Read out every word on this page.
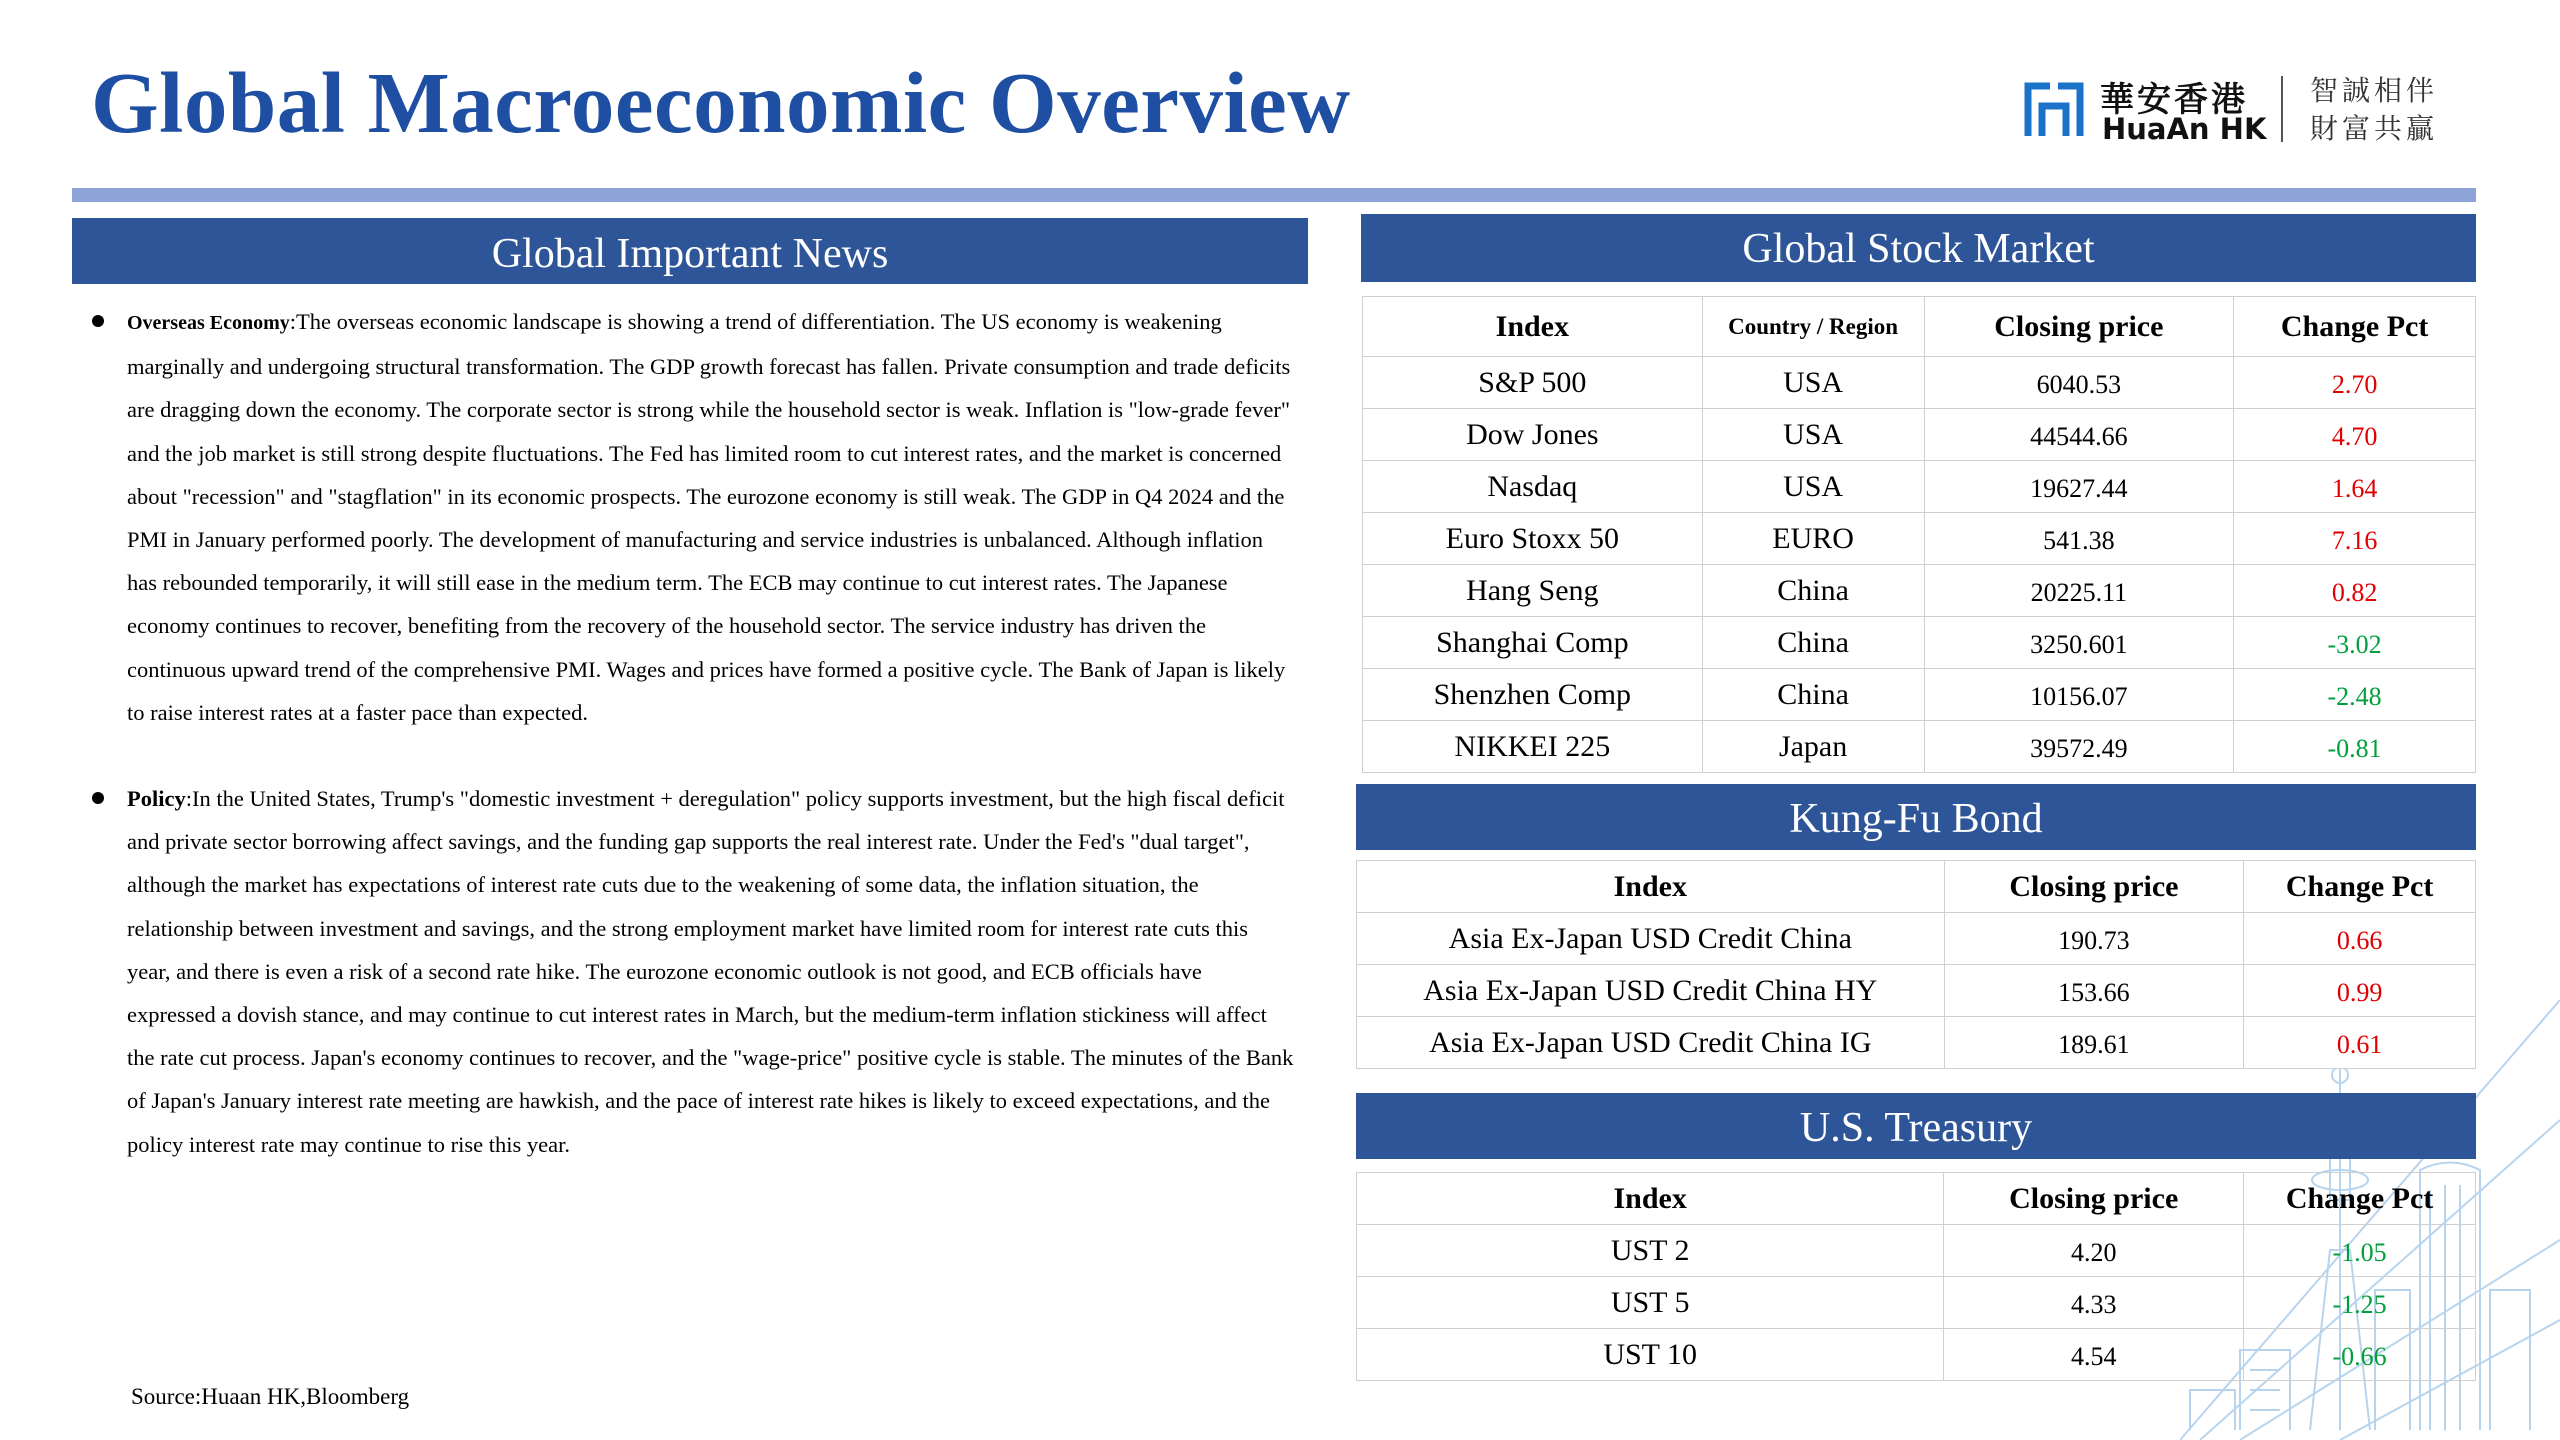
Global Macroeconomic Overview	華安香港
HuaAn HK
智誠相伴
財富共贏
Global Important News
Overseas Economy:The overseas economic landscape is showing a trend of differentiation. The US economy is weakening marginally and undergoing structural transformation. The GDP growth forecast has fallen. Private consumption and trade deficits are dragging down the economy. The corporate sector is strong while the household sector is weak. Inflation is "low-grade fever" and the job market is still strong despite fluctuations. The Fed has limited room to cut interest rates, and the market is concerned about "recession" and "stagflation" in its economic prospects. The eurozone economy is still weak. The GDP in Q4 2024 and the PMI in January performed poorly. The development of manufacturing and service industries is unbalanced. Although inflation has rebounded temporarily, it will still ease in the medium term. The ECB may continue to cut interest rates. The Japanese economy continues to recover, benefiting from the recovery of the household sector. The service industry has driven the continuous upward trend of the comprehensive PMI. Wages and prices have formed a positive cycle. The Bank of Japan is likely to raise interest rates at a faster pace than expected.
Policy:In the United States, Trump's "domestic investment + deregulation" policy supports investment, but the high fiscal deficit and private sector borrowing affect savings, and the funding gap supports the real interest rate. Under the Fed's "dual target", although the market has expectations of interest rate cuts due to the weakening of some data, the inflation situation, the relationship between investment and savings, and the strong employment market have limited room for interest rate cuts this year, and there is even a risk of a second rate hike. The eurozone economic outlook is not good, and ECB officials have expressed a dovish stance, and may continue to cut interest rates in March, but the medium-term inflation stickiness will affect the rate cut process. Japan's economy continues to recover, and the "wage-price" positive cycle is stable. The minutes of the Bank of Japan's January interest rate meeting are hawkish, and the pace of interest rate hikes is likely to exceed expectations, and the policy interest rate may continue to rise this year.
Source:Huaan HK,Bloomberg
Global Stock Market
Index	Country / Region	Closing price	Change Pct
S&P 500	USA	6040.53	2.70
Dow Jones	USA	44544.66	4.70
Nasdaq	USA	19627.44	1.64
Euro Stoxx 50	EURO	541.38	7.16
Hang Seng	China	20225.11	0.82
Shanghai Comp	China	3250.601	-3.02
Shenzhen Comp	China	10156.07	-2.48
NIKKEI 225	Japan	39572.49	-0.81
Kung-Fu Bond
Index	Closing price	Change Pct
Asia Ex-Japan USD Credit China	190.73	0.66
Asia Ex-Japan USD Credit China HY	153.66	0.99
Asia Ex-Japan USD Credit China IG	189.61	0.61
U.S. Treasury
Index	Closing price	Change Pct
UST 2	4.20	-1.05
UST 5	4.33	-1.25
UST 10	4.54	-0.66
